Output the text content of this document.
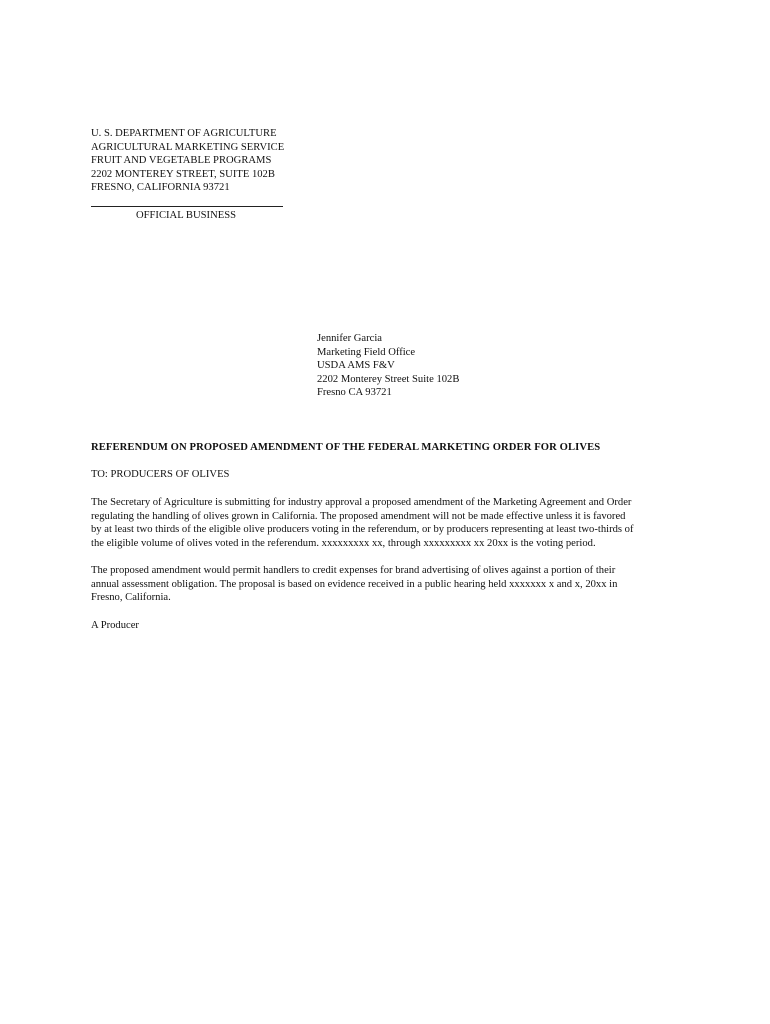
U. S. DEPARTMENT OF AGRICULTURE
AGRICULTURAL MARKETING SERVICE
FRUIT AND VEGETABLE PROGRAMS
2202 MONTEREY STREET, SUITE 102B
FRESNO, CALIFORNIA 93721
OFFICIAL BUSINESS
Jennifer Garcia
Marketing Field Office
USDA AMS F&V
2202 Monterey Street Suite 102B
Fresno CA 93721
REFERENDUM ON PROPOSED AMENDMENT OF THE FEDERAL MARKETING ORDER FOR OLIVES
TO: PRODUCERS OF OLIVES
The Secretary of Agriculture is submitting for industry approval a proposed amendment of the Marketing Agreement and Order
regulating the handling of olives grown in California. The proposed amendment will not be made effective unless it is favored
by at least two thirds of the eligible olive producers voting in the referendum, or by producers representing at least two-thirds of
the eligible volume of olives voted in the referendum. xxxxxxxxx xx, through xxxxxxxxx xx 20xx is the voting period.
The proposed amendment would permit handlers to credit expenses for brand advertising of olives against a portion of their
annual assessment obligation. The proposal is based on evidence received in a public hearing held xxxxxxx x and x, 20xx in
Fresno, California.
A Producer
